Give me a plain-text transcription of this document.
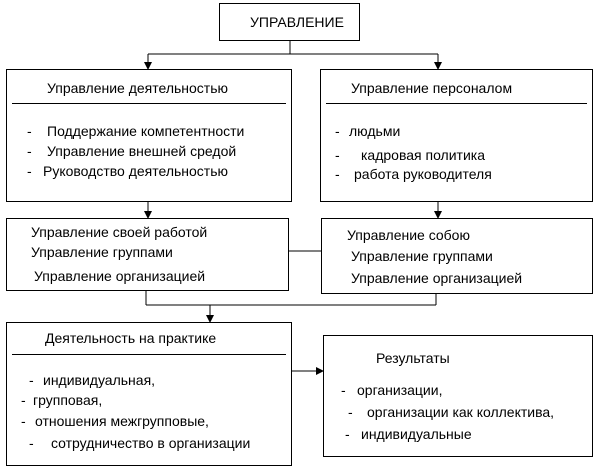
УПРАВЛЕНИЕ
Управление деятельностью
- Поддержание компетентности
- Управление внешней средой
- Руководство деятельностью
Управление персоналом
- людьми
- кадровая политика
- работа руководителя
Управление своей работой
Управление группами
Управление организацией
Управление собою
Управление группами
Управление организацией
Деятельность на практике
- индивидуальная,
- групповая,
- отношения межгрупповые,
- сотрудничество в организации
Результаты
- организации,
- организации как коллектива,
- индивидуальные
